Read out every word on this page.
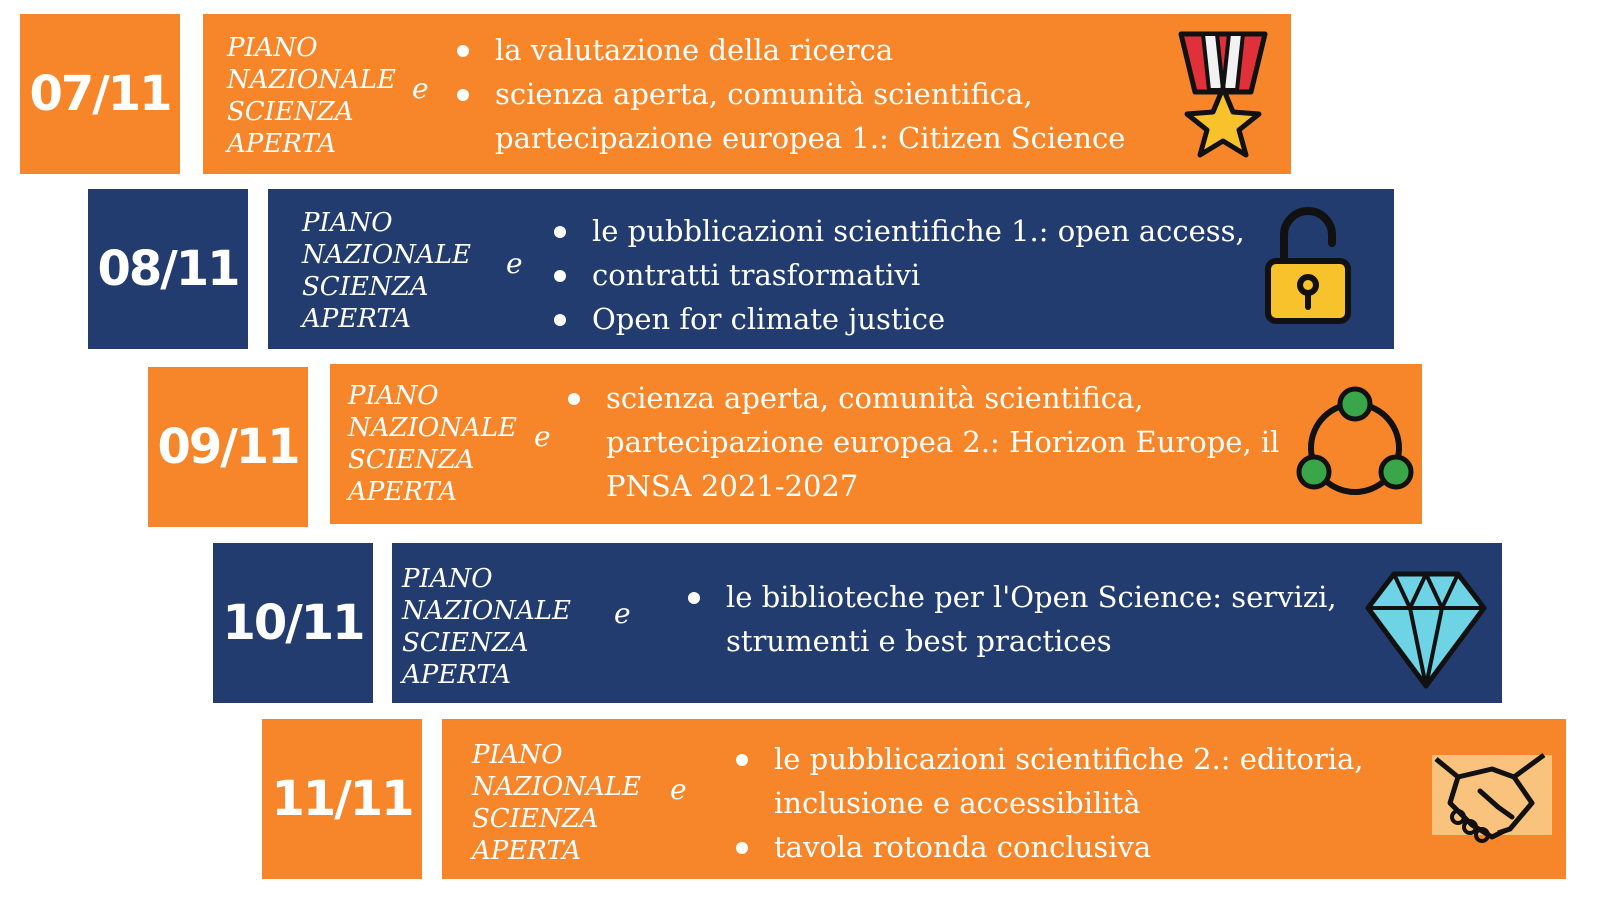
07/11
PIANO
NAZIONALE
SCIENZA
APERTA
e
la valutazione della ricerca
scienza aperta, comunità scientifica,
partecipazione europea 1.: Citizen Science
08/11
PIANO
NAZIONALE
SCIENZA
APERTA
e
le pubblicazioni scientifiche 1.: open access,
contratti trasformativi
Open for climate justice
09/11
PIANO
NAZIONALE
SCIENZA
APERTA
e
scienza aperta, comunità scientifica,
partecipazione europea 2.: Horizon Europe, il
PNSA 2021-2027
10/11
PIANO
NAZIONALE
SCIENZA
APERTA
e	le biblioteche per l'Open Science: servizi,
strumenti e best practices
11/11
PIANO
NAZIONALE
SCIENZA
APERTA
e
le pubblicazioni scientifiche 2.: editoria,
inclusione e accessibilità
tavola rotonda conclusiva
